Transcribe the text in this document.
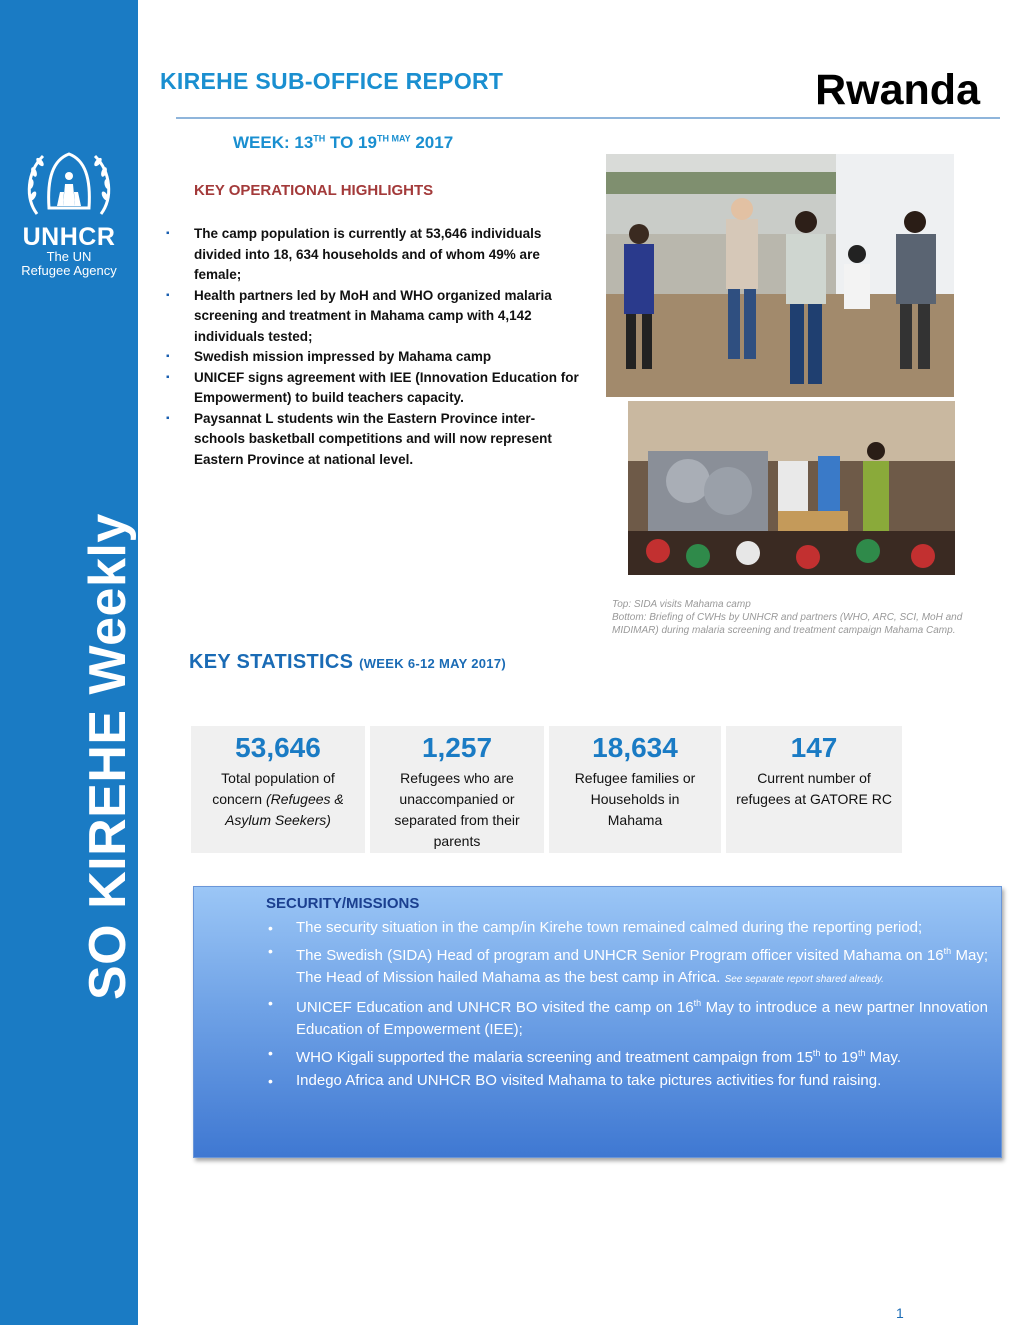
UNHCR
The UN
Refugee Agency
SO KIREHE Weekly
KIREHE SUB-OFFICE REPORT	Rwanda
WEEK: 13TH TO $19^{TH MAY}$ 2017
KEY OPERATIONAL HIGHLIGHTS
▪ The camp population is currently at 53,646 individuals divided into 18, 634 households and of whom 49% are female;
▪ Health partners led by MoH and WHO organized malaria screening and treatment in Mahama camp with 4,142 individuals tested;
▪ Swedish mission impressed by Mahama camp
▪ UNICEF signs agreement with IEE (Innovation Education for Empowerment) to build teachers capacity.
▪ Paysannat L students win the Eastern Province inter-schools basketball competitions and will now represent Eastern Province at national level.
Top: SIDA visits Mahama camp
Bottom: Briefing of CWHs by UNHCR and partners (WHO, ARC, SCI, MoH and MIDIMAR) during malaria screening and treatment campaign Mahama Camp.
KEY STATISTICS (WEEK 6-12 MAY 2017)
53,646
Total population of
concern (Refugees &
Asylum Seekers)
1,257
Refugees who are
unaccompanied or
separated from their
parents
18,634
Refugee families or
Households in
Mahama
147
Current number of
refugees at GATORE RC
SECURITY/MISSIONS
• The security situation in the camp/in Kirehe town remained calmed during the reporting period;
• The Swedish (SIDA) Head of program and UNHCR Senior Program officer visited Mahama on 16th May; The Head of Mission hailed Mahama as the best camp in Africa. See separate report shared already.
• UNICEF Education and UNHCR BO visited the camp on 16th May to introduce a new partner Innovation Education of Empowerment (IEE);
• WHO Kigali supported the malaria screening and treatment campaign from 15th to 19th May.
• Indego Africa and UNHCR BO visited Mahama to take pictures activities for fund raising.
1
